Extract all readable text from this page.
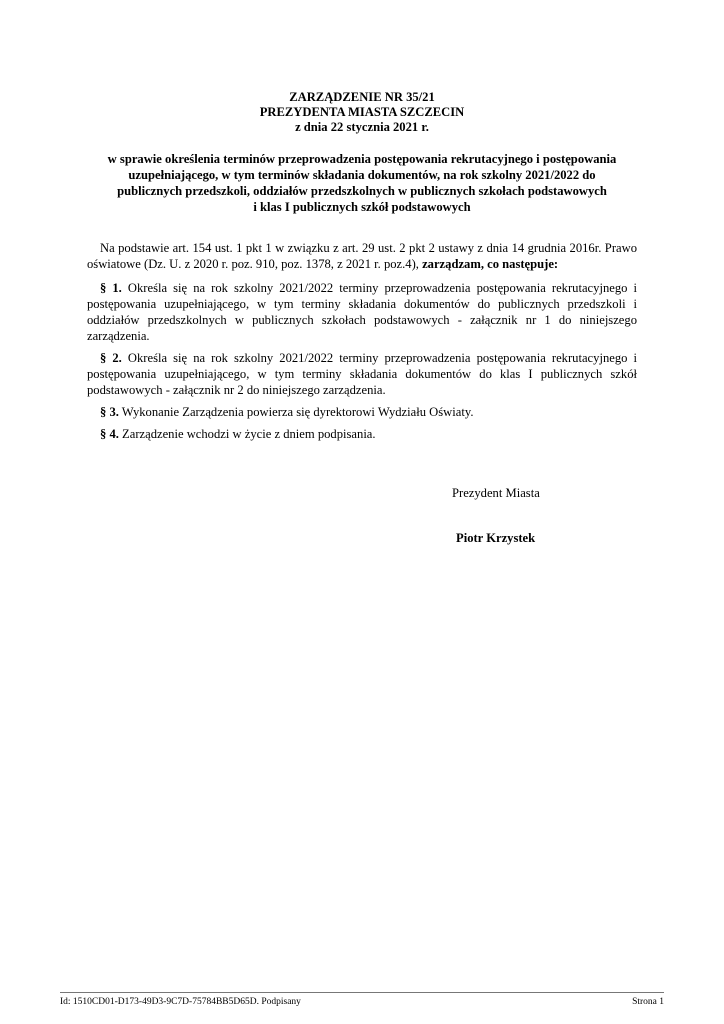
ZARZĄDZENIE NR 35/21
PREZYDENTA MIASTA SZCZECIN
z dnia 22 stycznia 2021 r.
w sprawie określenia terminów przeprowadzenia postępowania rekrutacyjnego i postępowania
uzupełniającego, w tym terminów składania dokumentów, na rok szkolny 2021/2022 do
publicznych przedszkoli, oddziałów przedszkolnych w publicznych szkołach podstawowych
i klas I publicznych szkół podstawowych

Na podstawie art. 154 ust. 1 pkt 1 w związku z art. 29 ust. 2 pkt 2 ustawy z dnia 14 grudnia 2016r. Prawo oświatowe (Dz. U. z 2020 r. poz. 910, poz. 1378, z 2021 r. poz.4), zarządzam, co następuje:

§ 1. Określa się na rok szkolny 2021/2022 terminy przeprowadzenia postępowania rekrutacyjnego i postępowania uzupełniającego, w tym terminy składania dokumentów do publicznych przedszkoli i oddziałów przedszkolnych w publicznych szkołach podstawowych - załącznik nr 1 do niniejszego zarządzenia.

§ 2. Określa się na rok szkolny 2021/2022 terminy przeprowadzenia postępowania rekrutacyjnego i postępowania uzupełniającego, w tym terminy składania dokumentów do klas I publicznych szkół podstawowych - załącznik nr 2 do niniejszego zarządzenia.

§ 3. Wykonanie Zarządzenia powierza się dyrektorowi Wydziału Oświaty.

§ 4. Zarządzenie wchodzi w życie z dniem podpisania.

Prezydent Miasta
Piotr Krzystek
Id: 1510CD01-D173-49D3-9C7D-75784BB5D65D. Podpisany	Strona 1
